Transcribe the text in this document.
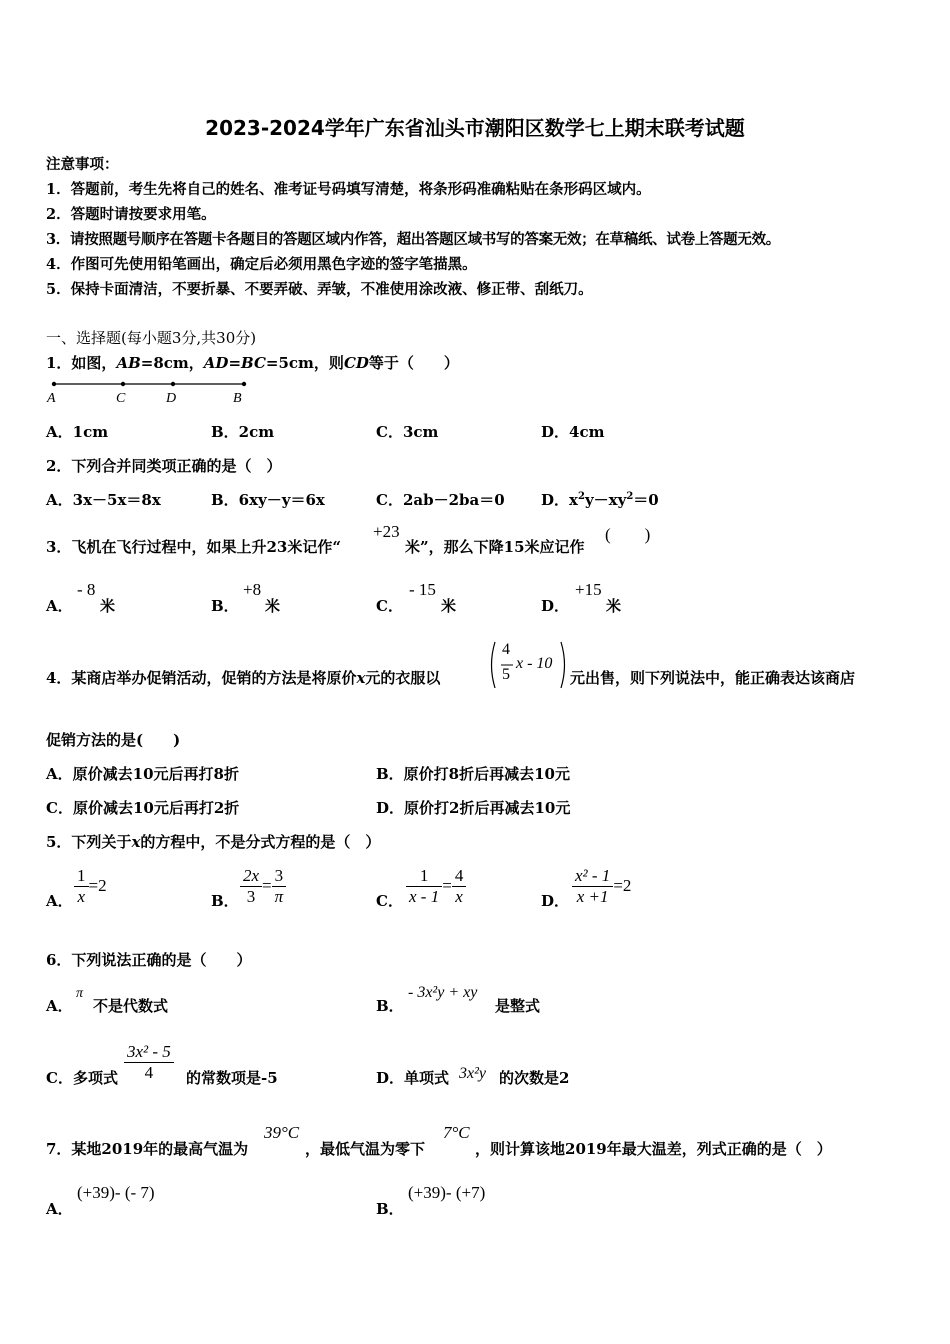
2023-2024学年广东省汕头市潮阳区数学七上期末联考试题
注意事项：
1．答题前，考生先将自己的姓名、准考证号码填写清楚，将条形码准确粘贴在条形码区域内。
2．答题时请按要求用笔。
3．请按照题号顺序在答题卡各题目的答题区域内作答，超出答题区域书写的答案无效；在草稿纸、试卷上答题无效。
4．作图可先使用铅笔画出，确定后必须用黑色字迹的签字笔描黑。
5．保持卡面清洁，不要折暴、不要弄破、弄皱，不准使用涂改液、修正带、刮纸刀。
一、选择题(每小题3分,共30分)
1．如图，AB=8cm，AD=BC=5cm，则CD等于（　　）
A	C	D	B
A．1cm	B．2cm	C．3cm	D．4cm
2．下列合并同类项正确的是（　）
A．3x－5x＝8x	B．6xy－y＝6x	C．2ab－2ba＝0 D．$x^2y-xy^2=0$
3．飞机在飞行过程中，如果上升23米记作“
+23
米”，那么下降15米应记作
(　　)
A．
- 8
米	B．
+8
米	C．
- 15
米	D．
+15
米
4．某商店举办促销活动，促销的方法是将原价x元的衣服以
4
5
x - 10
元出售，则下列说法中，能正确表达该商店
促销方法的是(　　)
A．原价减去10元后再打8折	B．原价打8折后再减去10元
C．原价减去10元后再打2折	D．原价打2折后再减去10元
5．下列关于x的方程中，不是分式方程的是（　）
A． $\frac{1}{x} =2$
B． $\frac{2x}{3} = \frac{3}{\pi}$	C． $\frac{1}{x - 1} = \frac{4}{x}$	D． $\frac{\text{x² - 1}}{x +1} =2$
6．下列说法正确的是（　　）
A．
π
不是代数式	B．
- 3x²y + xy
是整式
C．多项式 $\frac{\text{3x² - 5}}{4}$ 的常数项是-5	D．单项式 3x²y 的次数是2
7．某地2019年的最高气温为
39°C
，最低气温为零下
7°C
，则计算该地2019年最大温差，列式正确的是（　）
A．
(+39)- (- 7)
B．
(+39)- (+7)
